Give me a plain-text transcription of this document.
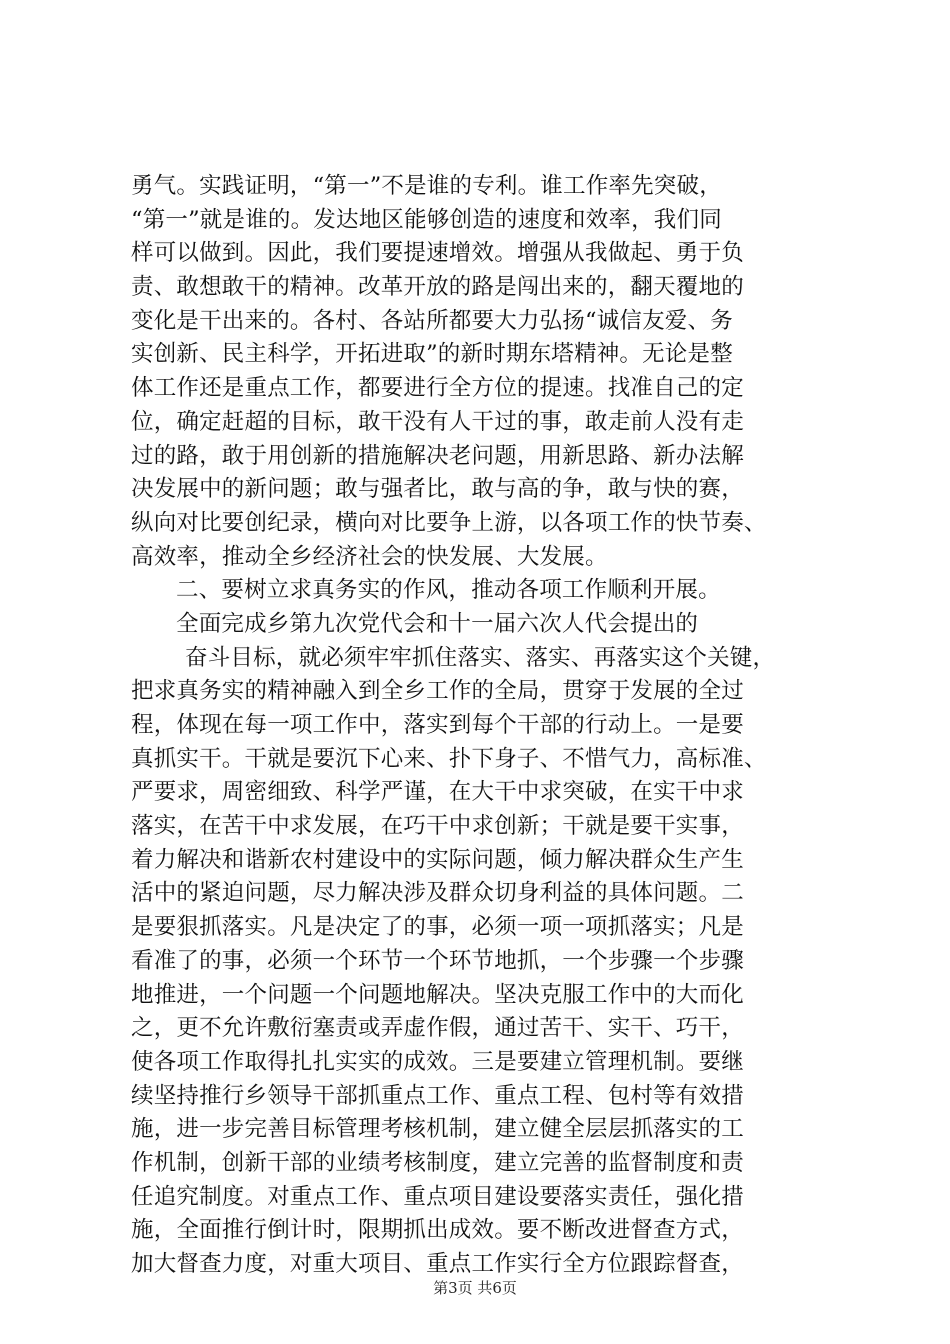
勇气。实践证明，“第一”不是谁的专利。谁工作率先突破，
“第一”就是谁的。发达地区能够创造的速度和效率，我们同
样可以做到。因此，我们要提速增效。增强从我做起、勇于负
责、敢想敢干的精神。改革开放的路是闯出来的，翻天覆地的
变化是干出来的。各村、各站所都要大力弘扬“诚信友爱、务
实创新、民主科学，开拓进取”的新时期东塔精神。无论是整
体工作还是重点工作，都要进行全方位的提速。找准自己的定
位，确定赶超的目标，敢干没有人干过的事，敢走前人没有走
过的路，敢于用创新的措施解决老问题，用新思路、新办法解
决发展中的新问题；敢与强者比，敢与高的争，敢与快的赛，
纵向对比要创纪录，横向对比要争上游，以各项工作的快节奏、
高效率，推动全乡经济社会的快发展、大发展。
二、要树立求真务实的作风，推动各项工作顺利开展。
全面完成乡第九次党代会和十一届六次人代会提出的
奋斗目标，就必须牢牢抓住落实、落实、再落实这个关键，
把求真务实的精神融入到全乡工作的全局，贯穿于发展的全过
程，体现在每一项工作中，落实到每个干部的行动上。一是要
真抓实干。干就是要沉下心来、扑下身子、不惜气力，高标准、
严要求，周密细致、科学严谨，在大干中求突破，在实干中求
落实，在苦干中求发展，在巧干中求创新；干就是要干实事，
着力解决和谐新农村建设中的实际问题，倾力解决群众生产生
活中的紧迫问题，尽力解决涉及群众切身利益的具体问题。二
是要狠抓落实。凡是决定了的事，必须一项一项抓落实；凡是
看准了的事，必须一个环节一个环节地抓，一个步骤一个步骤
地推进，一个问题一个问题地解决。坚决克服工作中的大而化
之，更不允许敷衍塞责或弄虚作假，通过苦干、实干、巧干，
使各项工作取得扎扎实实的成效。三是要建立管理机制。要继
续坚持推行乡领导干部抓重点工作、重点工程、包村等有效措
施，进一步完善目标管理考核机制，建立健全层层抓落实的工
作机制，创新干部的业绩考核制度，建立完善的监督制度和责
任追究制度。对重点工作、重点项目建设要落实责任，强化措
施，全面推行倒计时，限期抓出成效。要不断改进督查方式，
加大督查力度，对重大项目、重点工作实行全方位跟踪督查，
第3页 共6页
